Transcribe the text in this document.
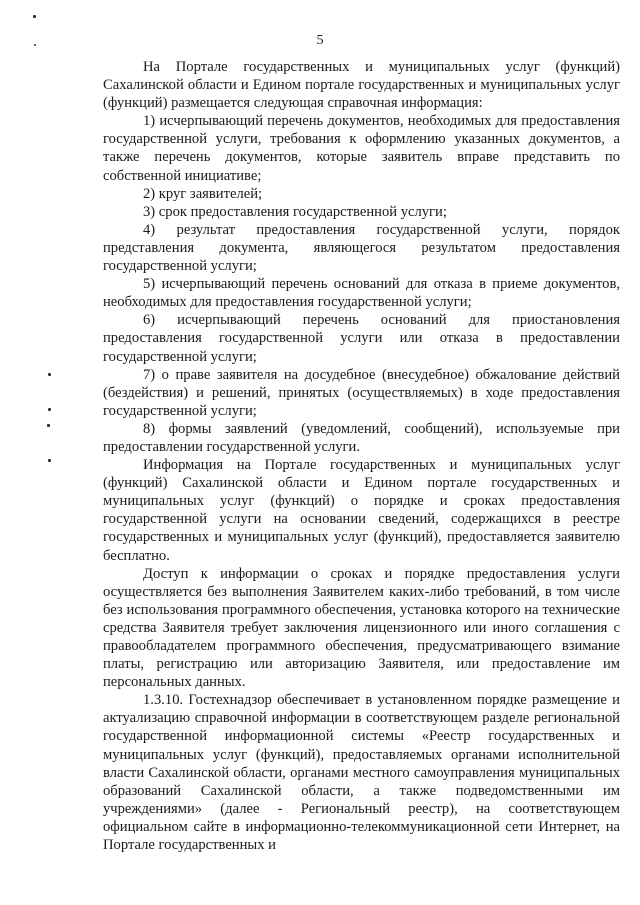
5

На Портале государственных и муниципальных услуг (функций) Сахалинской области и Едином портале государственных и муниципальных услуг (функций) размещается следующая справочная информация:

1) исчерпывающий перечень документов, необходимых для предоставления государственной услуги, требования к оформлению указанных документов, а также перечень документов, которые заявитель вправе представить по собственной инициативе;

2) круг заявителей;

3) срок предоставления государственной услуги;

4) результат предоставления государственной услуги, порядок представления документа, являющегося результатом предоставления государственной услуги;

5) исчерпывающий перечень оснований для отказа в приеме документов, необходимых для предоставления государственной услуги;

6) исчерпывающий перечень оснований для приостановления предоставления государственной услуги или отказа в предоставлении государственной услуги;

7) о праве заявителя на досудебное (внесудебное) обжалование действий (бездействия) и решений, принятых (осуществляемых) в ходе предоставления государственной услуги;

8) формы заявлений (уведомлений, сообщений), используемые при предоставлении государственной услуги.

Информация на Портале государственных и муниципальных услуг (функций) Сахалинской области и Едином портале государственных и муниципальных услуг (функций) о порядке и сроках предоставления государственной услуги на основании сведений, содержащихся в реестре государственных и муниципальных услуг (функций), предоставляется заявителю бесплатно.

Доступ к информации о сроках и порядке предоставления услуги осуществляется без выполнения Заявителем каких-либо требований, в том числе без использования программного обеспечения, установка которого на технические средства Заявителя требует заключения лицензионного или иного соглашения с правообладателем программного обеспечения, предусматривающего взимание платы, регистрацию или авторизацию Заявителя, или предоставление им персональных данных.

1.3.10. Гостехнадзор обеспечивает в установленном порядке размещение и актуализацию справочной информации в соответствующем разделе региональной государственной информационной системы «Реестр государственных и муниципальных услуг (функций), предоставляемых органами исполнительной власти Сахалинской области, органами местного самоуправления муниципальных образований Сахалинской области, а также подведомственными им учреждениями» (далее - Региональный реестр), на соответствующем официальном сайте в информационно-телекоммуникационной сети Интернет, на Портале государственных и
